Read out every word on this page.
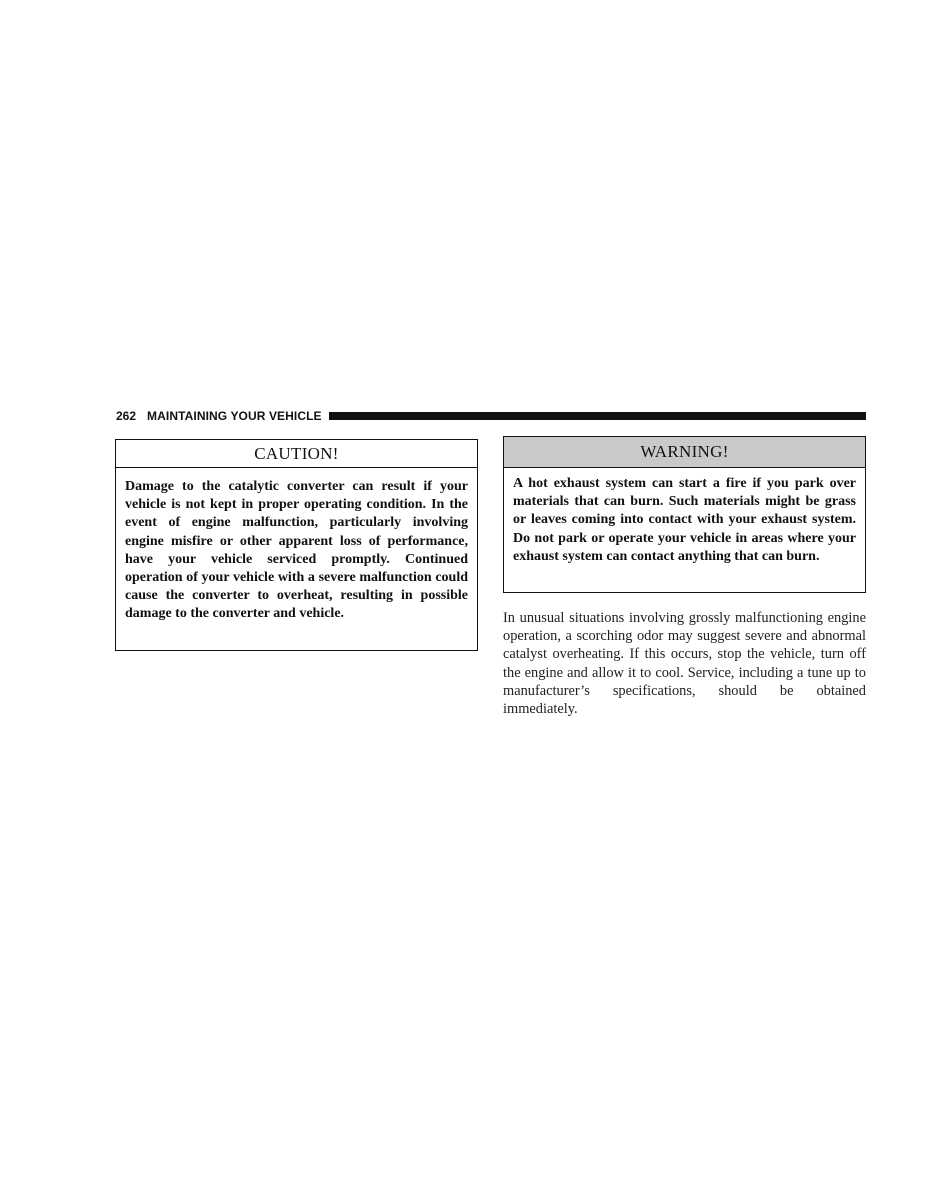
262 MAINTAINING YOUR VEHICLE
CAUTION!
Damage to the catalytic converter can result if your vehicle is not kept in proper operating condition. In the event of engine malfunction, particularly involving engine misfire or other apparent loss of performance, have your vehicle serviced promptly. Continued operation of your vehicle with a severe malfunction could cause the converter to overheat, resulting in possible damage to the converter and vehicle.
WARNING!
A hot exhaust system can start a fire if you park over materials that can burn. Such materials might be grass or leaves coming into contact with your exhaust system. Do not park or operate your vehicle in areas where your exhaust system can contact anything that can burn.
In unusual situations involving grossly malfunctioning engine operation, a scorching odor may suggest severe and abnormal catalyst overheating. If this occurs, stop the vehicle, turn off the engine and allow it to cool. Service, including a tune up to manufacturer’s specifications, should be obtained immediately.
